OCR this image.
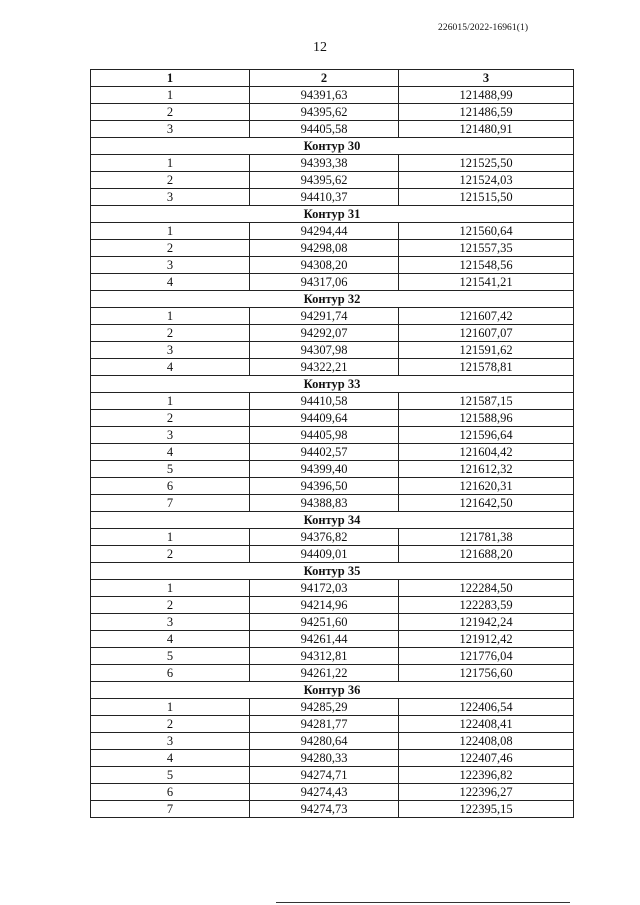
226015/2022-16961(1)
12
1	2	3
1	94391,63	121488,99
2	94395,62	121486,59
3	94405,58	121480,91
Контур 30		
1	94393,38	121525,50
2	94395,62	121524,03
3	94410,37	121515,50
Контур 31		
1	94294,44	121560,64
2	94298,08	121557,35
3	94308,20	121548,56
4	94317,06	121541,21
Контур 32		
1	94291,74	121607,42
2	94292,07	121607,07
3	94307,98	121591,62
4	94322,21	121578,81
Контур 33		
1	94410,58	121587,15
2	94409,64	121588,96
3	94405,98	121596,64
4	94402,57	121604,42
5	94399,40	121612,32
6	94396,50	121620,31
7	94388,83	121642,50
Контур 34		
1	94376,82	121781,38
2	94409,01	121688,20
Контур 35		
1	94172,03	122284,50
2	94214,96	122283,59
3	94251,60	121942,24
4	94261,44	121912,42
5	94312,81	121776,04
6	94261,22	121756,60
Контур 36		
1	94285,29	122406,54
2	94281,77	122408,41
3	94280,64	122408,08
4	94280,33	122407,46
5	94274,71	122396,82
6	94274,43	122396,27
7	94274,73	122395,15
